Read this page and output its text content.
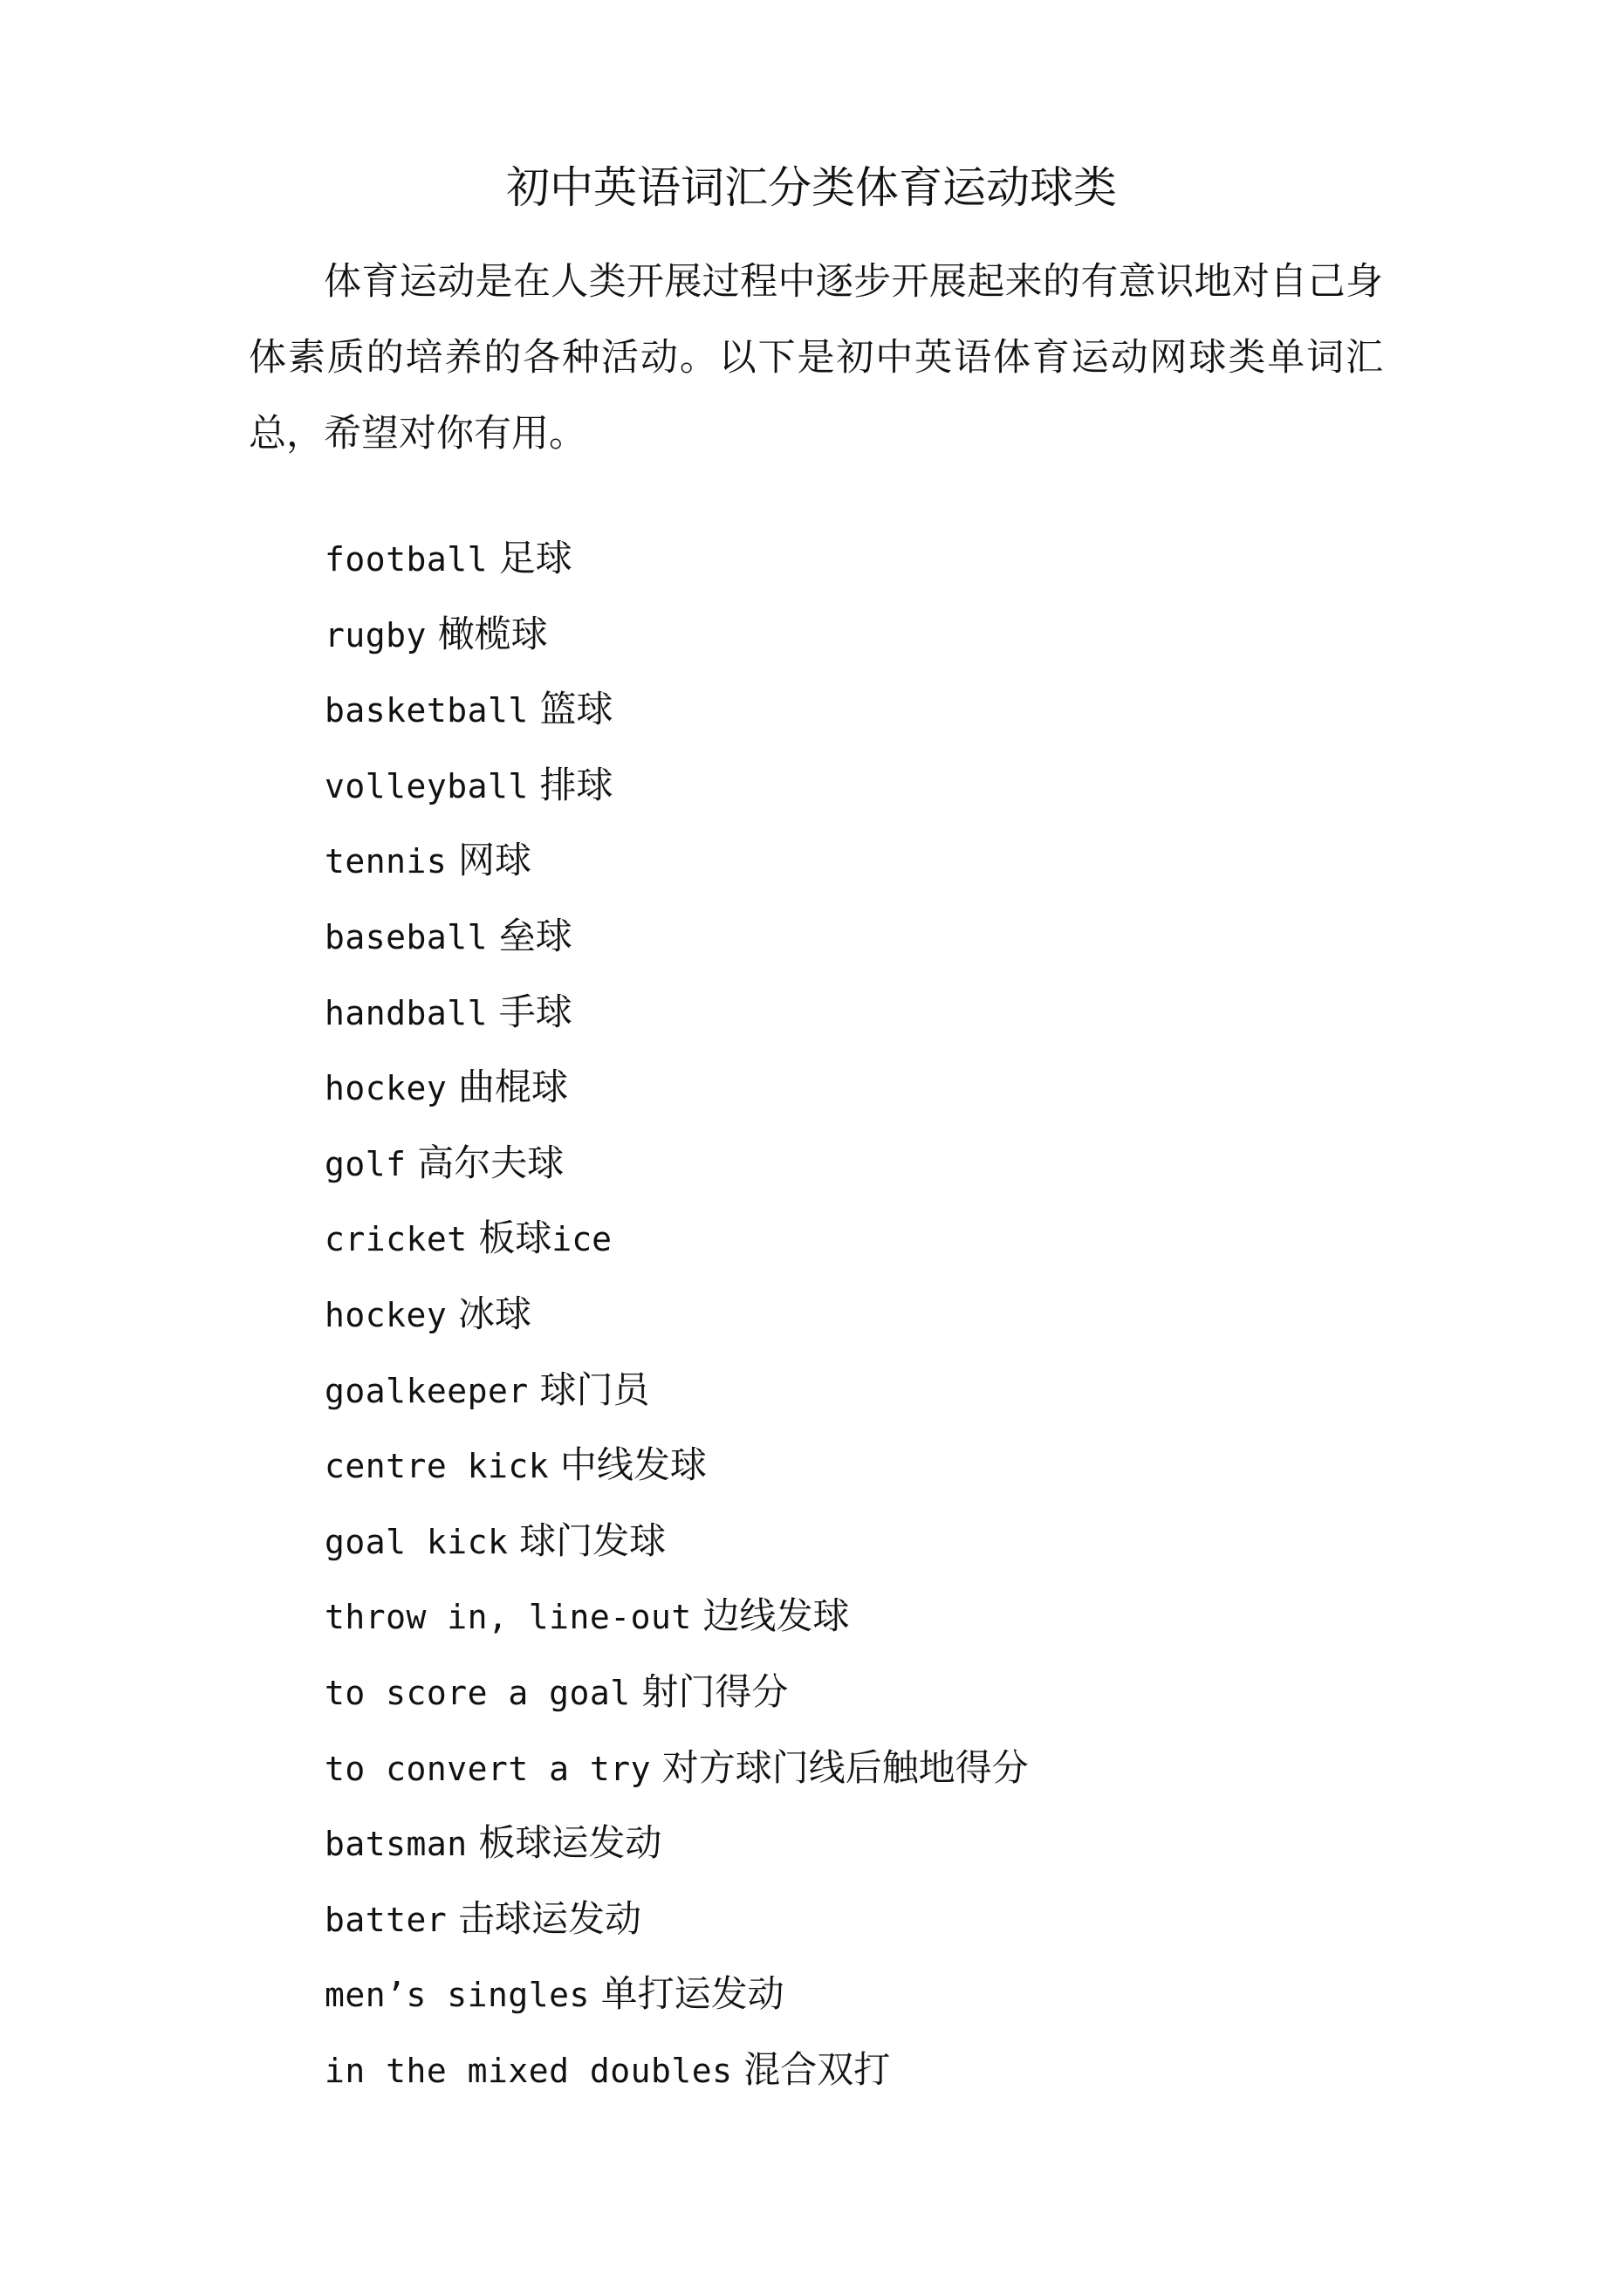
初中英语词汇分类体育运动球类

体育运动是在人类开展过程中逐步开展起来的有意识地对自己身体素质的培养的各种活动。以下是初中英语体育运动网球类单词汇总，希望对你有用。

football 足球
rugby 橄榄球
basketball 篮球
volleyball 排球
tennis 网球
baseball 垒球
handball 手球
hockey 曲棍球
golf 高尔夫球
cricket 板球ice
hockey 冰球
goalkeeper 球门员
centre kick 中线发球
goal kick 球门发球
throw in, line-out 边线发球
to score a goal 射门得分
to convert a try 对方球门线后触地得分
batsman 板球运发动
batter 击球运发动
men’s singles 单打运发动
in the mixed doubles 混合双打
